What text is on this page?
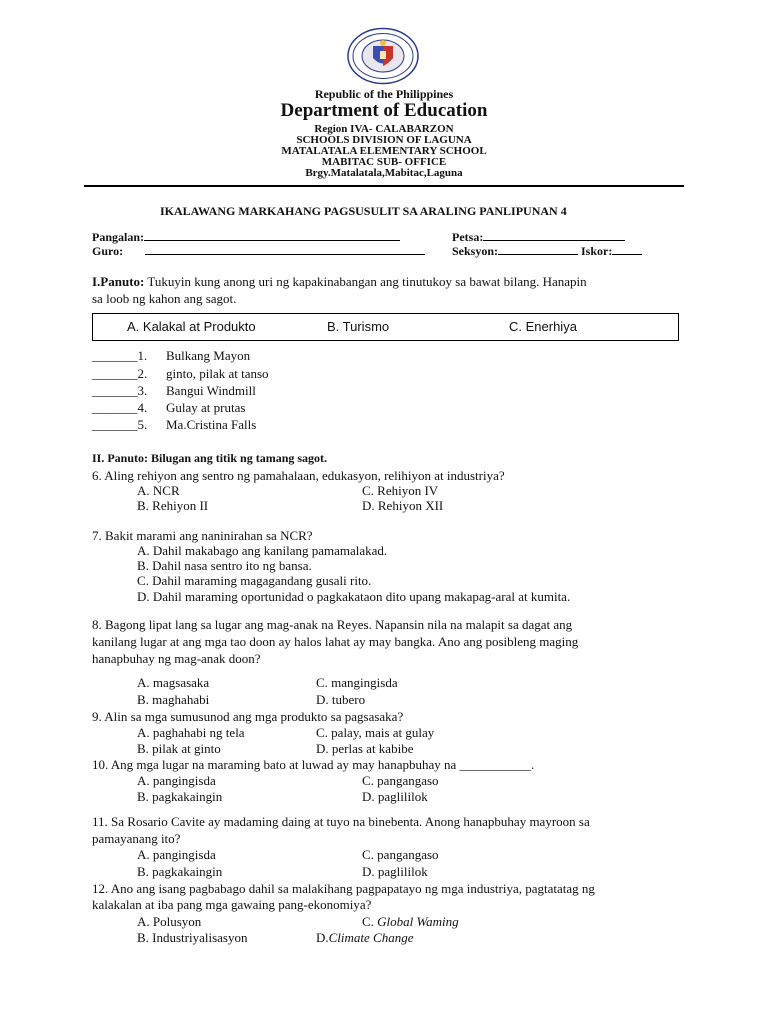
Republic of the Philippines
Department of Education
Region IVA- CALABARZON
SCHOOLS DIVISION OF LAGUNA
MATALATALA ELEMENTARY SCHOOL
MABITAC SUB- OFFICE
Brgy.Matalatala,Mabitac,Laguna
IKALAWANG MARKAHANG PAGSUSULIT SA ARALING PANLIPUNAN 4
Pangalan:
Guro:
Petsa:
Seksyon:	Iskor:
I.Panuto: Tukuyin kung anong uri ng kapakinabangan ang tinutukoy sa bawat bilang. Hanapin
sa loob ng kahon ang sagot.
A. Kalakal at Produkto	B. Turismo	C. Enerhiya
_______1. Bulkang Mayon
_______2. ginto, pilak at tanso
_______3. Bangui Windmill
_______4. Gulay at prutas
_______5. Ma.Cristina Falls
II. Panuto: Bilugan ang titik ng tamang sagot.
6. Aling rehiyon ang sentro ng pamahalaan, edukasyon, relihiyon at industriya?
A. NCR	C. Rehiyon IV
B. Rehiyon II	D. Rehiyon XII
7. Bakit marami ang naninirahan sa NCR?
A. Dahil makabago ang kanilang pamamalakad.
B. Dahil nasa sentro ito ng bansa.
C. Dahil maraming magagandang gusali rito.
D. Dahil maraming oportunidad o pagkakataon dito upang makapag-aral at kumita.
8. Bagong lipat lang sa lugar ang mag-anak na Reyes. Napansin nila na malapit sa dagat ang
kanilang lugar at ang mga tao doon ay halos lahat ay may bangka. Ano ang posibleng maging
hanapbuhay ng mag-anak doon?
A. magsasaka	C. mangingisda
B. maghahabi	D. tubero
9. Alin sa mga sumusunod ang mga produkto sa pagsasaka?
A. paghahabi ng tela	C. palay, mais at gulay
B. pilak at ginto	D. perlas at kabibe
10. Ang mga lugar na maraming bato at luwad ay may hanapbuhay na ___________.
A. pangingisda	C. pangangaso
B. pagkakaingin	D. paglililok
11. Sa Rosario Cavite ay madaming daing at tuyo na binebenta. Anong hanapbuhay mayroon sa
pamayanang ito?
A. pangingisda	C. pangangaso
B. pagkakaingin	D. paglililok
12. Ano ang isang pagbabago dahil sa malakihang pagpapatayo ng mga industriya, pagtatatag ng
kalakalan at iba pang mga gawaing pang-ekonomiya?
A. Polusyon	C. Global Waming
B. Industriyalisasyon	D.Climate Change
